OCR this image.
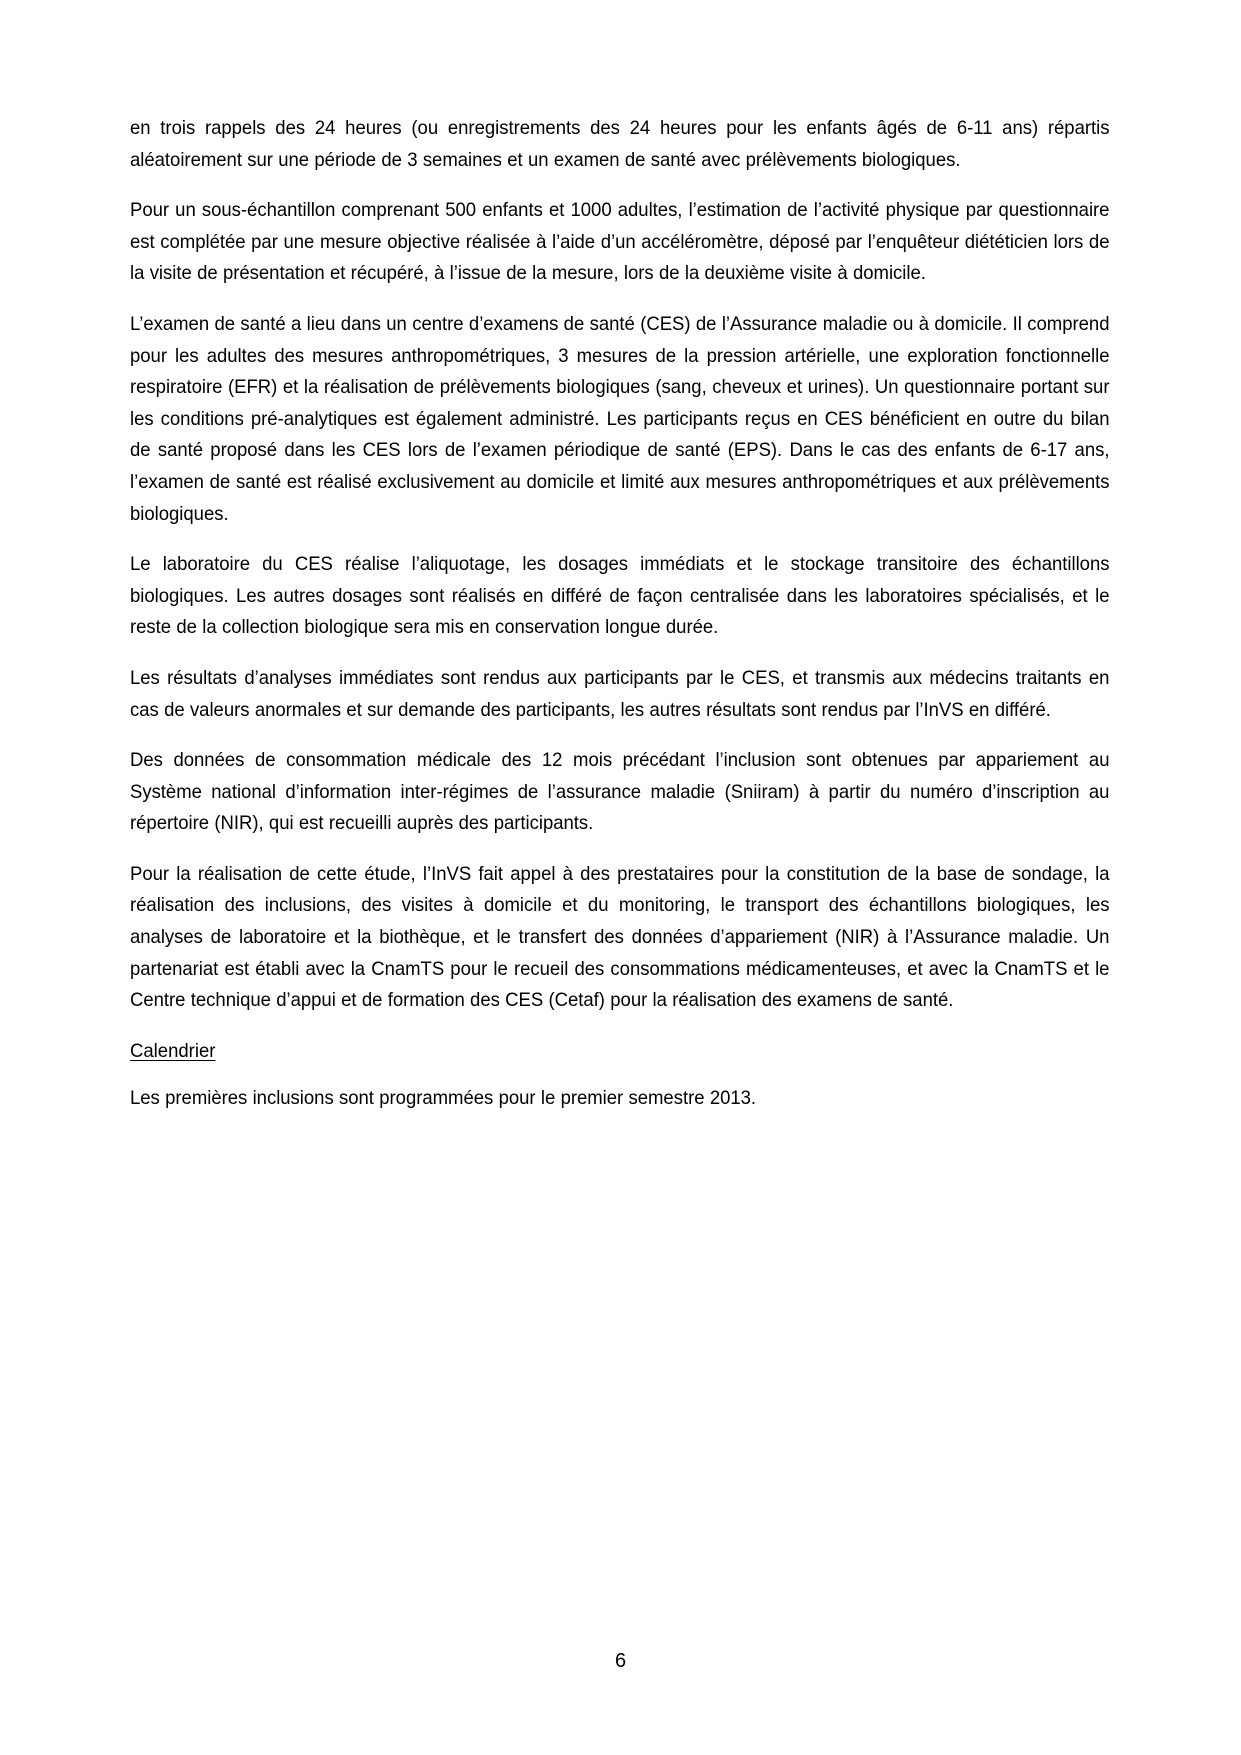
en trois rappels des 24 heures (ou enregistrements des 24 heures pour les enfants âgés de 6-11 ans) répartis aléatoirement sur une période de 3 semaines et un examen de santé avec prélèvements biologiques.

Pour un sous-échantillon comprenant 500 enfants et 1000 adultes, l’estimation de l’activité physique par questionnaire est complétée par une mesure objective réalisée à l’aide d’un accéléromètre, déposé par l’enquêteur diététicien lors de la visite de présentation et récupéré, à l’issue de la mesure, lors de la deuxième visite à domicile.

L’examen de santé a lieu dans un centre d’examens de santé (CES) de l’Assurance maladie ou à domicile. Il comprend pour les adultes des mesures anthropométriques, 3 mesures de la pression artérielle, une exploration fonctionnelle respiratoire (EFR) et la réalisation de prélèvements biologiques (sang, cheveux et urines). Un questionnaire portant sur les conditions pré-analytiques est également administré. Les participants reçus en CES bénéficient en outre du bilan de santé proposé dans les CES lors de l’examen périodique de santé (EPS). Dans le cas des enfants de 6-17 ans, l’examen de santé est réalisé exclusivement au domicile et limité aux mesures anthropométriques et aux prélèvements biologiques.

Le laboratoire du CES réalise l’aliquotage, les dosages immédiats et le stockage transitoire des échantillons biologiques. Les autres dosages sont réalisés en différé de façon centralisée dans les laboratoires spécialisés, et le reste de la collection biologique sera mis en conservation longue durée.

Les résultats d’analyses immédiates sont rendus aux participants par le CES, et transmis aux médecins traitants en cas de valeurs anormales et sur demande des participants, les autres résultats sont rendus par l’InVS en différé.

Des données de consommation médicale des 12 mois précédant l’inclusion sont obtenues par appariement au Système national d’information inter-régimes de l’assurance maladie (Sniiram) à partir du numéro d’inscription au répertoire (NIR), qui est recueilli auprès des participants.

Pour la réalisation de cette étude, l’InVS fait appel à des prestataires pour la constitution de la base de sondage, la réalisation des inclusions, des visites à domicile et du monitoring, le transport des échantillons biologiques, les analyses de laboratoire et la biothèque, et le transfert des données d’appariement (NIR) à l’Assurance maladie. Un partenariat est établi avec la CnamTS pour le recueil des consommations médicamenteuses, et avec la CnamTS et le Centre technique d’appui et de formation des CES (Cetaf) pour la réalisation des examens de santé.

Calendrier

Les premières inclusions sont programmées pour le premier semestre 2013.

6
